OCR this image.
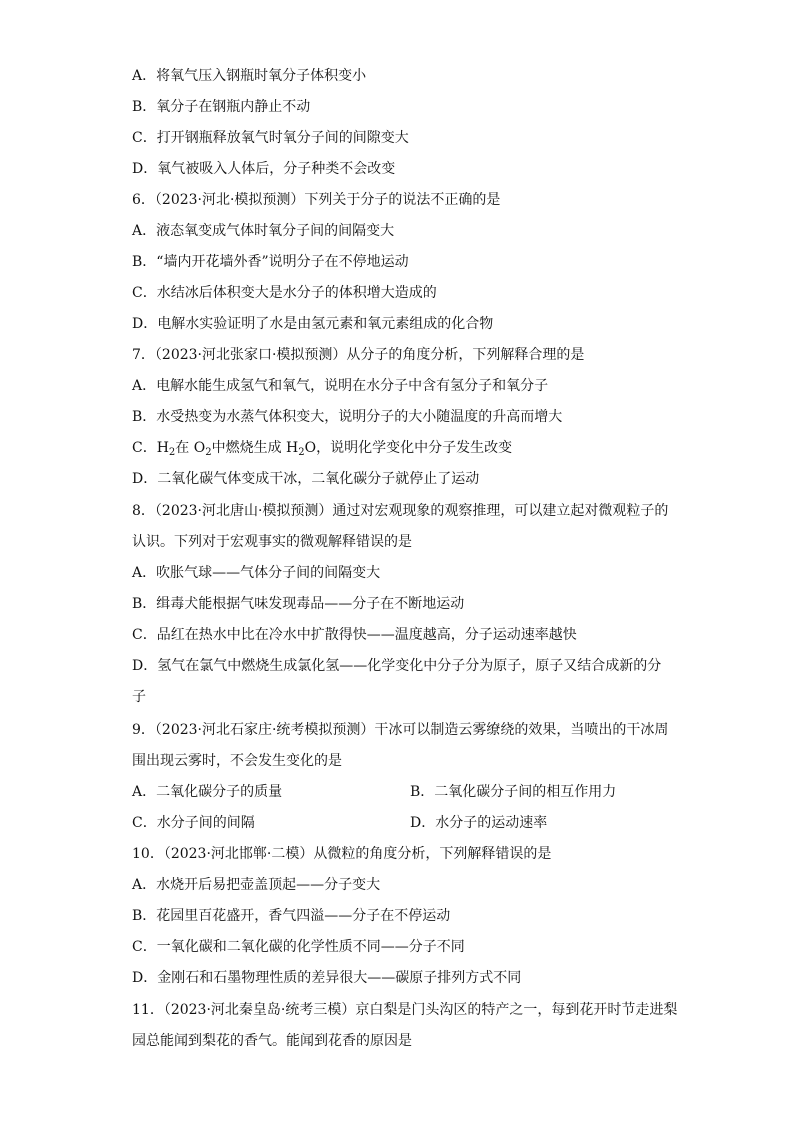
A．将氧气压入钢瓶时氧分子体积变小
B．氧分子在钢瓶内静止不动
C．打开钢瓶释放氧气时氧分子间的间隙变大
D．氧气被吸入人体后，分子种类不会改变
6．（2023·河北·模拟预测）下列关于分子的说法不正确的是
A．液态氧变成气体时氧分子间的间隔变大
B．“墙内开花墙外香”说明分子在不停地运动
C．水结冰后体积变大是水分子的体积增大造成的
D．电解水实验证明了水是由氢元素和氧元素组成的化合物
7．（2023·河北张家口·模拟预测）从分子的角度分析，下列解释合理的是
A．电解水能生成氢气和氧气，说明在水分子中含有氢分子和氧分子
B．水受热变为水蒸气体积变大，说明分子的大小随温度的升高而增大
C．$H_2$在 $O_2$中燃烧生成 $H_2O$，说明化学变化中分子发生改变
D．二氧化碳气体变成干冰，二氧化碳分子就停止了运动
8．（2023·河北唐山·模拟预测）通过对宏观现象的观察推理，可以建立起对微观粒子的
认识。下列对于宏观事实的微观解释错误的是
A．吹胀气球——气体分子间的间隔变大
B．缉毒犬能根据气味发现毒品——分子在不断地运动
C．品红在热水中比在冷水中扩散得快——温度越高，分子运动速率越快
D．氢气在氯气中燃烧生成氯化氢——化学变化中分子分为原子，原子又结合成新的分
子
9．（2023·河北石家庄·统考模拟预测）干冰可以制造云雾缭绕的效果，当喷出的干冰周
围出现云雾时，不会发生变化的是
A．二氧化碳分子的质量	B．二氧化碳分子间的相互作用力
C．水分子间的间隔	D．水分子的运动速率
10．（2023·河北邯郸·二模）从微粒的角度分析，下列解释错误的是
A．水烧开后易把壶盖顶起——分子变大
B．花园里百花盛开，香气四溢——分子在不停运动
C．一氧化碳和二氧化碳的化学性质不同——分子不同
D．金刚石和石墨物理性质的差异很大——碳原子排列方式不同
11．（2023·河北秦皇岛·统考三模）京白梨是门头沟区的特产之一，每到花开时节走进梨
园总能闻到梨花的香气。能闻到花香的原因是
